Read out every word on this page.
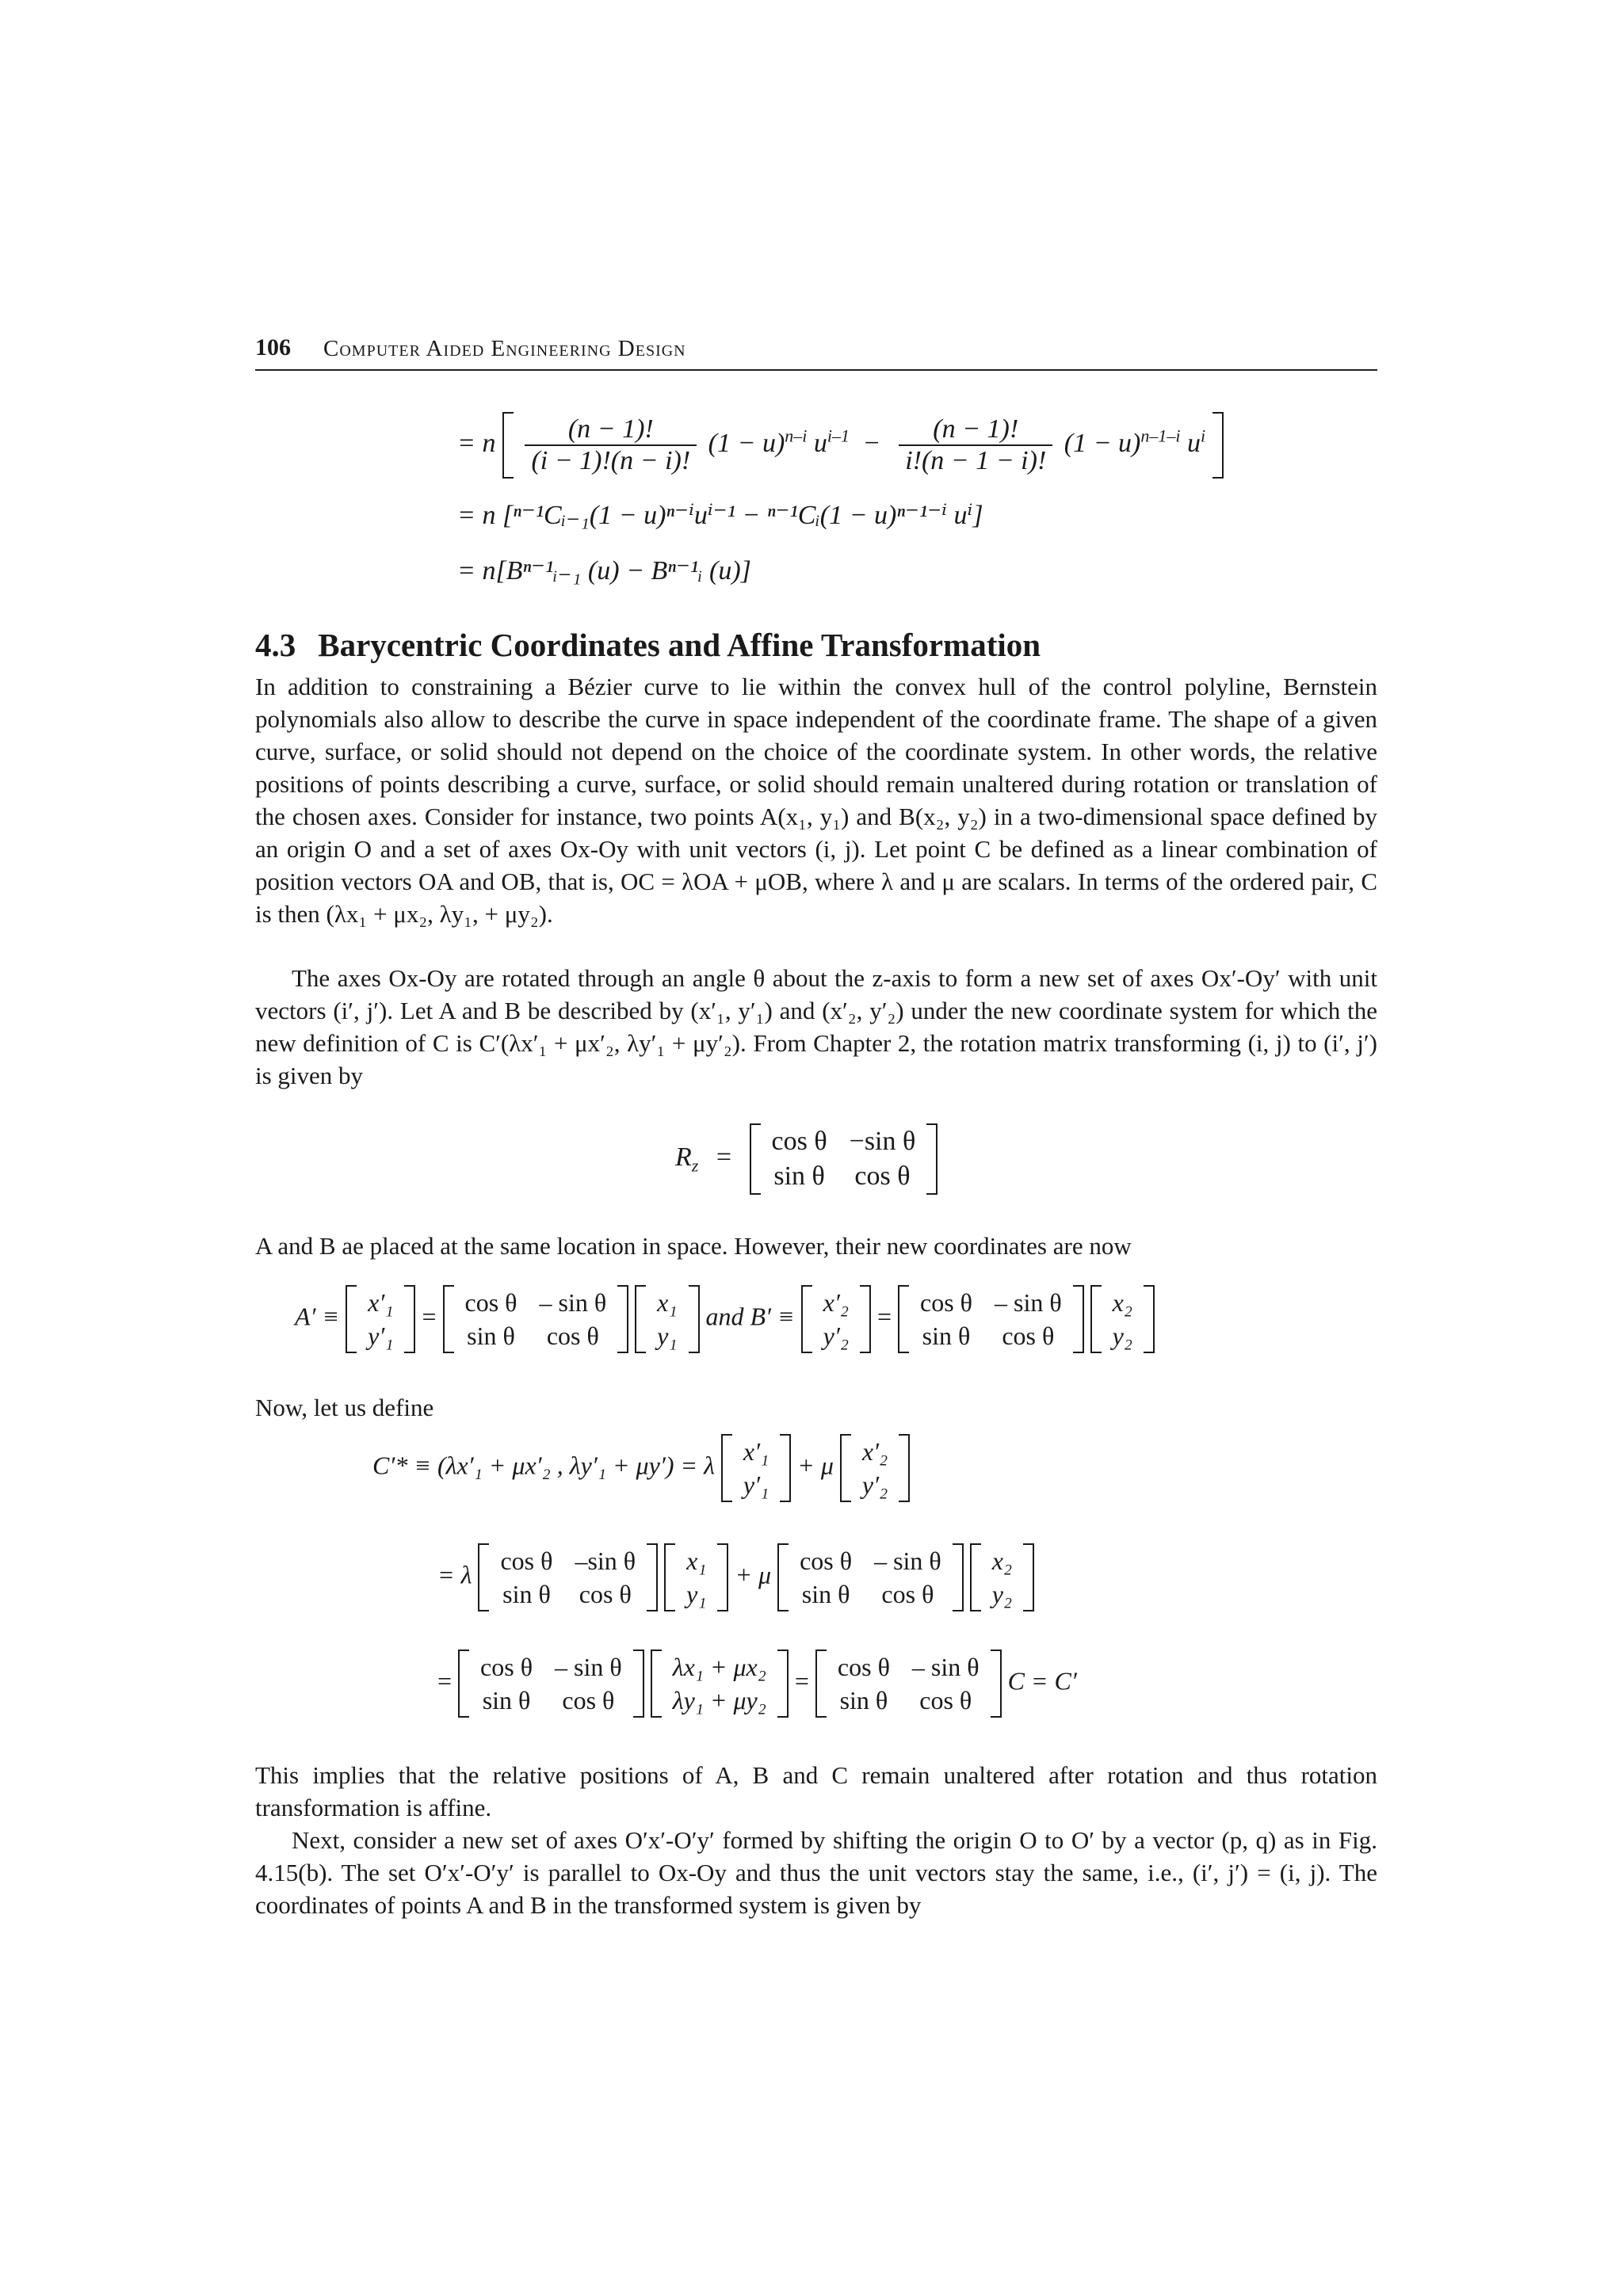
106 Computer Aided Engineering Design
= n $\frac{(n - 1)!}{(i - 1)!(n - i)!} (1 - u)^{n-i}$ $u^{i-1} - \frac{(n - 1)!}{i!(n - 1 - i)!} (1 - u)^{n-1-i}$ $u^i$
= n [ⁿ⁻¹Cᵢ₋₁(1 − u)ⁿ⁻ⁱuⁱ⁻¹ − ⁿ⁻¹Cᵢ(1 − u)ⁿ⁻¹⁻ⁱ uⁱ]
= n[Bⁿ⁻¹ᵢ₋₁ (u) − Bⁿ⁻¹ᵢ (u)]
4.3 Barycentric Coordinates and Affine Transformation
In addition to constraining a Bézier curve to lie within the convex hull of the control polyline, Bernstein polynomials also allow to describe the curve in space independent of the coordinate frame. The shape of a given curve, surface, or solid should not depend on the choice of the coordinate system. In other words, the relative positions of points describing a curve, surface, or solid should remain unaltered during rotation or translation of the chosen axes. Consider for instance, two points A(x₁, y₁) and B(x₂, y₂) in a two-dimensional space defined by an origin O and a set of axes Ox-Oy with unit vectors (i, j). Let point C be defined as a linear combination of position vectors OA and OB, that is, OC = λOA + μOB, where λ and μ are scalars. In terms of the ordered pair, C is then (λx₁ + μx₂, λy₁, + μy₂).
The axes Ox-Oy are rotated through an angle θ about the z-axis to form a new set of axes Ox′-Oy′ with unit vectors (i′, j′). Let A and B be described by (x′₁, y′₁) and (x′₂, y′₂) under the new coordinate system for which the new definition of C is C′(λx′₁ + μx′₂, λy′₁ + μy′₂). From Chapter 2, the rotation matrix transforming (i, j) to (i′, j′) is given by
$R_z$ =
cos θ −sin θ
sin θ cos θ
A and B ae placed at the same location in space. However, their new coordinates are now
A′ ≡ x′₁
y′₁
= cos θ – sin θ
sin θ cos θ

x₁
y₁
and B′ ≡ x′₂
y′₂
= cos θ – sin θ
sin θ cos θ

x₂
y₂
Now, let us define
C′* ≡ (λx′₁ + μx′₂ , λy′₁ + μy′) = λ x′₁
y′₁
+ μ x′₂
y′₂
= λ cos θ –sin θ
sin θ cos θ

x₁
y₁
+ μ cos θ – sin θ
sin θ cos θ

x₂
y₂
= cos θ – sin θ
sin θ cos θ

λx₁ + μx₂
λy₁ + μy₂
= cos θ – sin θ
sin θ cos θ
C = C′
This implies that the relative positions of A, B and C remain unaltered after rotation and thus rotation transformation is affine.
Next, consider a new set of axes O′x′-O′y′ formed by shifting the origin O to O′ by a vector (p, q) as in Fig. 4.15(b). The set O′x′-O′y′ is parallel to Ox-Oy and thus the unit vectors stay the same, i.e., (i′, j′) = (i, j). The coordinates of points A and B in the transformed system is given by
